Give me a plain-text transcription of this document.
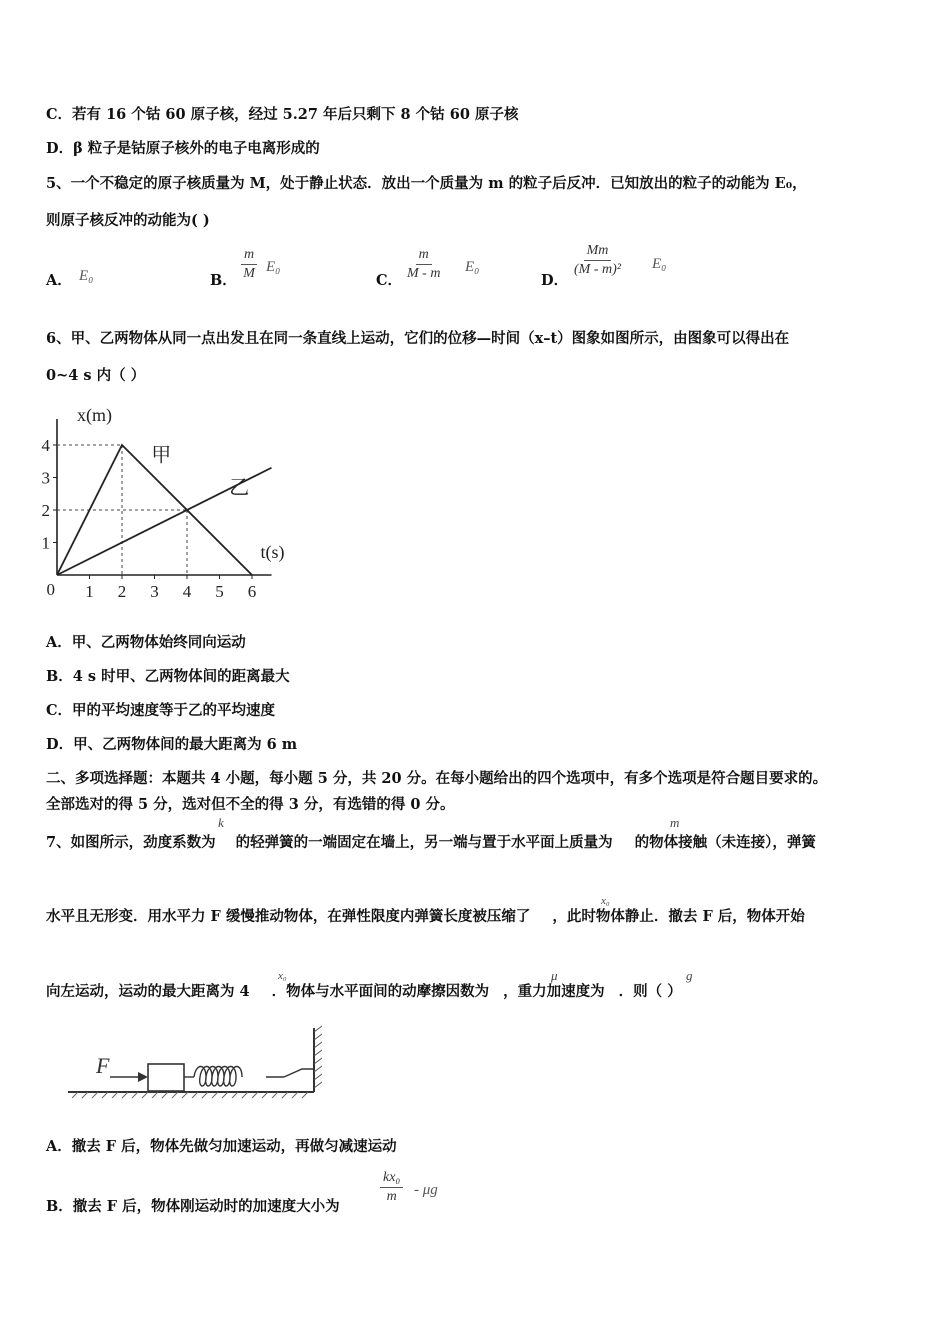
C．若有 16 个钴 60 原子核，经过 5.27 年后只剩下 8 个钴 60 原子核
D．β 粒子是钴原子核外的电子电离形成的
5、一个不稳定的原子核质量为 M，处于静止状态．放出一个质量为 m 的粒子后反冲．已知放出的粒子的动能为 E₀，
则原子核反冲的动能为( )
A． E₀	B． $\frac{m}{M} E_0$
C． $\frac{m}{M - m} E_0$
D．
$\frac{Mm}{\text{(M - m)²}} E_0$
6、甲、乙两物体从同一点出发且在同一条直线上运动，它们的位移—时间（x–t）图象如图所示，由图象可以得出在
0~4 s 内（ ）
1 2 3 4 5 6
1
2
3
4
0
x(m)
t(s)
甲
乙
A．甲、乙两物体始终同向运动
B．4 s 时甲、乙两物体间的距离最大
C．甲的平均速度等于乙的平均速度
D．甲、乙两物体间的最大距离为 6 m
二、多项选择题：本题共 4 小题，每小题 5 分，共 20 分。在每小题给出的四个选项中，有多个选项是符合题目要求的。
全部选对的得 5 分，选对但不全的得 3 分，有选错的得 0 分。
7、如图所示，劲度系数为 的轻弹簧的一端固定在墙上，另一端与置于水平面上质量为 的物体接触（未连接），弹簧
k	m
水平且无形变．用水平力 F 缓慢推动物体，在弹性限度内弹簧长度被压缩了 ，此时物体静止．撤去 F 后，物体开始
x₀
向左运动，运动的最大距离为 4 ．物体与水平面间的动摩擦因数为 ，重力加速度为 ．则（ ）
x₀	μ	g
F
A．撤去 F 后，物体先做匀加速运动，再做匀减速运动
B．撤去 F 后，物体刚运动时的加速度大小为
$\frac{\text{kx₀}}{m}$ - μg
